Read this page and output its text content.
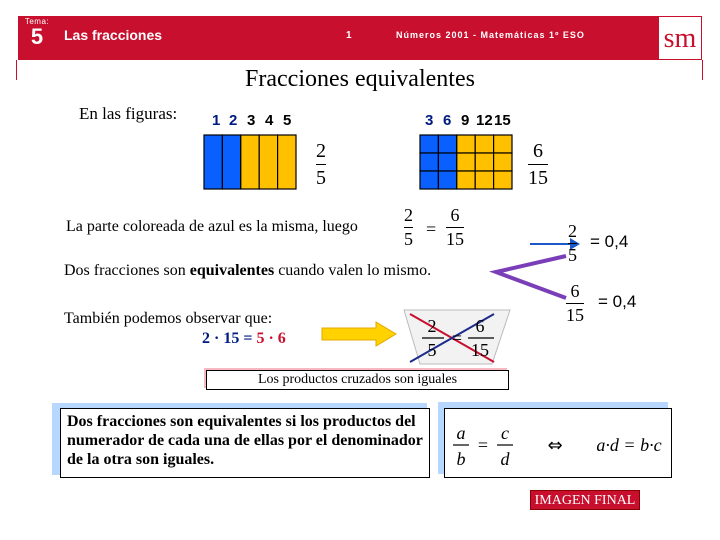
Tema:
5	Las fracciones	1	Números 2001 - Matemáticas 1º ESO	sm
Fracciones equivalentes
En las figuras: 1 2 3 4 5	3 6 9 12 15
2
5
6
15
La parte coloreada de azul es la misma, luego
2
5
=
6
15	2
5
= 0,4
6
15
= 0,4
Dos fracciones son equivalentes cuando valen lo mismo.
También podemos observar que:
2 · 15 = 5 · 6
2
5
=
6
15
Los productos cruzados son iguales
Dos fracciones son equivalentes si los productos del numerador de cada una de ellas por el denominador de la otra son iguales.
a
b
=
c
d
⇔ a·d = b·c
IMAGEN FINAL
